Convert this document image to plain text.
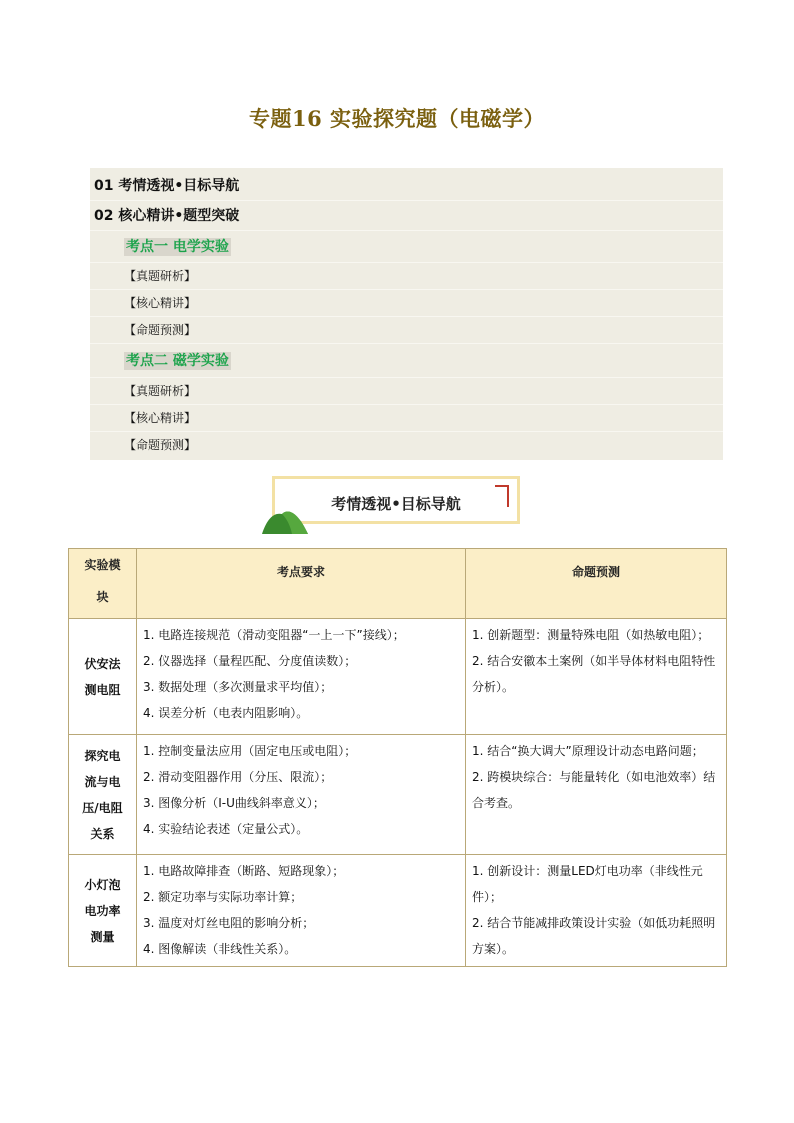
专题16 实验探究题（电磁学）
01 考情透视•目标导航
02 核心精讲•题型突破
考点一 电学实验
【真题研析】
【核心精讲】
【命题预测】
考点二 磁学实验
【真题研析】
【核心精讲】
【命题预测】
考情透视•目标导航
实验模块	考点要求	命题预测

伏安法测电阻	1. 电路连接规范（滑动变阻器“一上一下”接线）；
2. 仪器选择（量程匹配、分度值读数）；
3. 数据处理（多次测量求平均值）；
4. 误差分析（电表内阻影响）。	1. 创新题型：测量特殊电阻（如热敏电阻）；
2. 结合安徽本土案例（如半导体材料电阻特性分析）。

探究电流与电压/电阻关系	1. 控制变量法应用（固定电压或电阻）；
2. 滑动变阻器作用（分压、限流）；
3. 图像分析（I-U曲线斜率意义）；
4. 实验结论表述（定量公式）。	1. 结合“换大调大”原理设计动态电路问题；
2. 跨模块综合：与能量转化（如电池效率）结合考查。

小灯泡电功率测量	1. 电路故障排查（断路、短路现象）；
2. 额定功率与实际功率计算；
3. 温度对灯丝电阻的影响分析；
4. 图像解读（非线性关系）。	1. 创新设计：测量LED灯电功率（非线性元件）；
2. 结合节能减排政策设计实验（如低功耗照明方案）。
